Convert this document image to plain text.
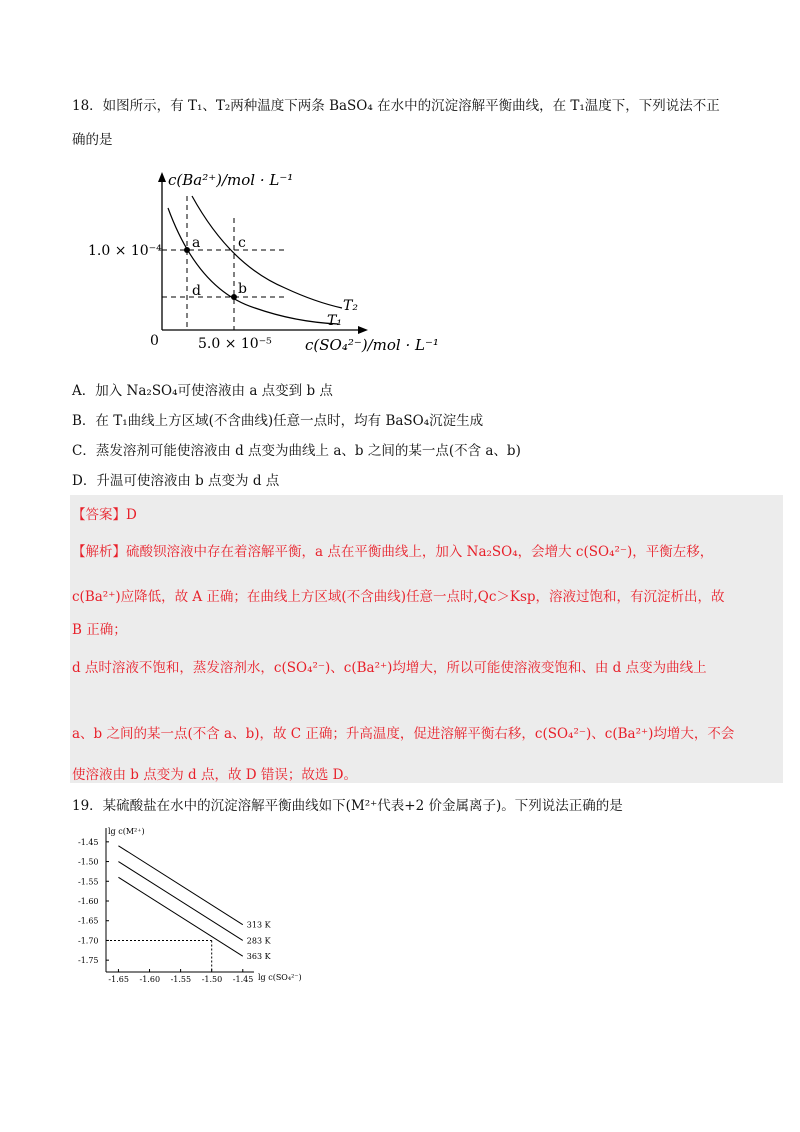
18．如图所示，有 T₁、T₂两种温度下两条 BaSO₄ 在水中的沉淀溶解平衡曲线，在 T₁温度下，下列说法不正
确的是
c(Ba²⁺)/mol · L⁻¹
1.0 × 10⁻⁴
0	5.0 × 10⁻⁵ c(SO₄²⁻)/mol · L⁻¹
a	c
d	b
T₂
T₁
A．加入 Na₂SO₄可使溶液由 a 点变到 b 点
B．在 T₁曲线上方区域(不含曲线)任意一点时，均有 BaSO₄沉淀生成
C．蒸发溶剂可能使溶液由 d 点变为曲线上 a、b 之间的某一点(不含 a、b)
D．升温可使溶液由 b 点变为 d 点
【答案】D
【解析】硫酸钡溶液中存在着溶解平衡，a 点在平衡曲线上，加入 Na₂SO₄，会增大 c(SO₄²⁻)，平衡左移，
c(Ba²⁺)应降低，故 A 正确；在曲线上方区域(不含曲线)任意一点时,Qc＞Ksp，溶液过饱和，有沉淀析出，故
B 正确；
d 点时溶液不饱和，蒸发溶剂水，c(SO₄²⁻)、c(Ba²⁺)均增大，所以可能使溶液变饱和、由 d 点变为曲线上
a、b 之间的某一点(不含 a、b)，故 C 正确；升高温度，促进溶解平衡右移，c(SO₄²⁻)、c(Ba²⁺)均增大，不会
使溶液由 b 点变为 d 点，故 D 错误；故选 D。
19．某硫酸盐在水中的沉淀溶解平衡曲线如下(M²⁺代表+2 价金属离子)。下列说法正确的是
lg c(M²⁺)
lg c(SO₄²⁻)
-1.65 -1.60 -1.55 -1.50 -1.45
-1.45
-1.50
-1.55
-1.60
-1.65
-1.70
-1.75
313 K
283 K
363 K
